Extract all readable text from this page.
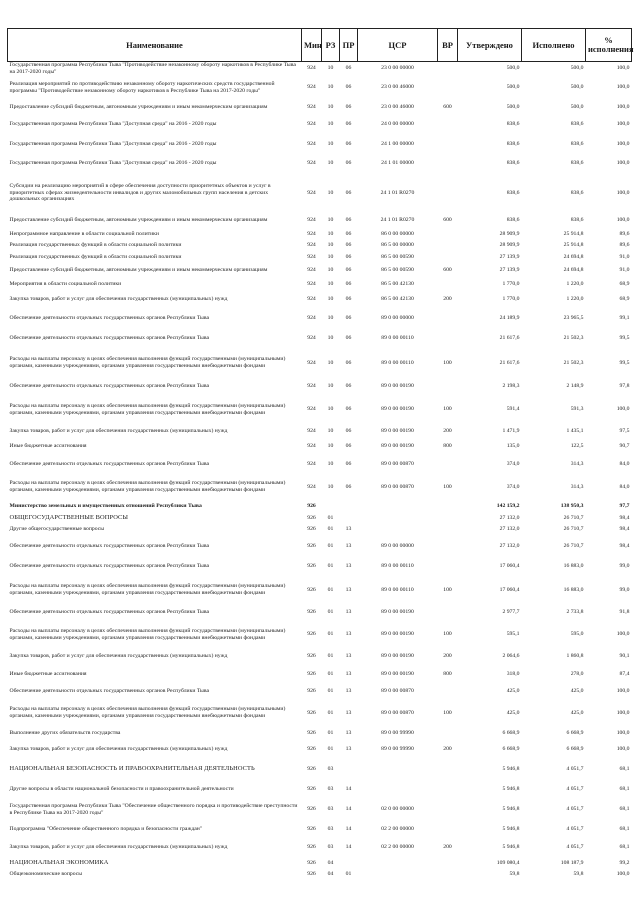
Наименование	Мин	РЗ	ПР	ЦСР	ВР	Утверждено	Исполнено	% исполнения
Государственная программа Республики Тыва "Противодействие незаконному обороту наркотиков в Республике Тыва на 2017-2020 годы"	924	10	06	23 0 00 00000		500,0	500,0	100,0
Реализация мероприятий по противодействию незаконному обороту наркотических средств государственной программы "Противодействие незаконному обороту наркотиков в Республике Тыва на 2017-2020 годы"	924	10	06	23 0 00 46000		500,0	500,0	100,0
Предоставление субсидий бюджетным, автономным учреждениям и иным некоммерческим организациям	924	10	06	23 0 00 46000	600	500,0	500,0	100,0
Государственная программа Республики Тыва "Доступная среда" на 2016 - 2020 годы	924	10	06	24 0 00 00000		838,6	838,6	100,0
Государственная программа Республики Тыва "Доступная среда" на 2016 - 2020 годы	924	10	06	24 1 00 00000		838,6	838,6	100,0
Государственная программа Республики Тыва "Доступная среда" на 2016 - 2020 годы	924	10	06	24 1 01 00000		838,6	838,6	100,0
Субсидии на реализацию мероприятий в сфере обеспечения доступности приоритетных объектов и услуг в приоритетных сферах жизнедеятельности инвалидов и других маломобильных групп населения в детских дошкольных организациях	924	10	06	24 1 01 R0270		838,6	838,6	100,0
Предоставление субсидий бюджетным, автономным учреждениям и иным некоммерческим организациям	924	10	06	24 1 01 R0270	600	838,6	838,6	100,0
Непрограммное направление в области социальной политики	924	10	06	86 0 00 00000		28 909,9	25 914,8	89,6
Реализация государственных функций в области социальной политики	924	10	06	86 5 00 00000		28 909,9	25 914,8	89,6
Реализация государственных функций в области социальной политики	924	10	06	86 5 00 00590		27 139,9	24 694,8	91,0
Предоставление субсидий бюджетным, автономным учреждениям и иным некоммерческим организациям	924	10	06	86 5 00 00590	600	27 139,9	24 694,8	91,0
Мероприятия в области социальной политики	924	10	06	86 5 00 42130		1 770,0	1 220,0	68,9
Закупка товаров, работ и услуг для обеспечения государственных (муниципальных) нужд	924	10	06	86 5 00 42130	200	1 770,0	1 220,0	68,9
Обеспечение деятельности отдельных государственных органов Республики Тыва	924	10	06	89 0 00 00000		24 189,9	23 965,5	99,1
Обеспечение деятельности отдельных государственных органов Республики Тыва	924	10	06	89 0 00 00110		21 617,6	21 502,3	99,5
Расходы на выплаты персоналу в целях обеспечения выполнения функций государственными (муниципальными) органами, казенными учреждениями, органами управления государственными внебюджетными фондами	924	10	06	89 0 00 00110	100	21 617,6	21 502,3	99,5
Обеспечение деятельности отдельных государственных органов Республики Тыва	924	10	06	89 0 00 00190		2 198,3	2 148,9	97,8
Расходы на выплаты персоналу в целях обеспечения выполнения функций государственными (муниципальными) органами, казенными учреждениями, органами управления государственными внебюджетными фондами	924	10	06	89 0 00 00190	100	591,4	591,3	100,0
Закупка товаров, работ и услуг для обеспечения государственных (муниципальных) нужд	924	10	06	89 0 00 00190	200	1 471,9	1 435,1	97,5
Иные бюджетные ассигнования	924	10	06	89 0 00 00190	800	135,0	122,5	90,7
Обеспечение деятельности отдельных государственных органов Республики Тыва	924	10	06	89 0 00 00870		374,0	314,3	84,0
Расходы на выплаты персоналу в целях обеспечения выполнения функций государственными (муниципальными) органами, казенными учреждениями, органами управления государственными внебюджетными фондами	924	10	06	89 0 00 00870	100	374,0	314,3	84,0
Министерство земельных и имущественных отношений Республики Тыва	926					142 159,2	138 950,3	97,7
ОБЩЕГОСУДАРСТВЕННЫЕ ВОПРОСЫ	926	01				27 132,0	26 710,7	98,4
Другие общегосударственные вопросы	926	01	13			27 132,0	26 710,7	98,4
Обеспечение деятельности отдельных государственных органов Республики Тыва	926	01	13	89 0 00 00000		27 132,0	26 710,7	98,4
Обеспечение деятельности отдельных государственных органов Республики Тыва	926	01	13	89 0 00 00110		17 060,4	16 883,0	99,0
Расходы на выплаты персоналу в целях обеспечения выполнения функций государственными (муниципальными) органами, казенными учреждениями, органами управления государственными внебюджетными фондами	926	01	13	89 0 00 00110	100	17 060,4	16 883,0	99,0
Обеспечение деятельности отдельных государственных органов Республики Тыва	926	01	13	89 0 00 00190		2 977,7	2 733,8	91,8
Расходы на выплаты персоналу в целях обеспечения выполнения функций государственными (муниципальными) органами, казенными учреждениями, органами управления государственными внебюджетными фондами	926	01	13	89 0 00 00190	100	595,1	595,0	100,0
Закупка товаров, работ и услуг для обеспечения государственных (муниципальных) нужд	926	01	13	89 0 00 00190	200	2 064,6	1 860,8	90,1
Иные бюджетные ассигнования	926	01	13	89 0 00 00190	800	318,0	278,0	87,4
Обеспечение деятельности отдельных государственных органов Республики Тыва	926	01	13	89 0 00 00870		425,0	425,0	100,0
Расходы на выплаты персоналу в целях обеспечения выполнения функций государственными (муниципальными) органами, казенными учреждениями, органами управления государственными внебюджетными фондами	926	01	13	89 0 00 00870	100	425,0	425,0	100,0
Выполнение других обязательств государства	926	01	13	89 0 00 99990		6 668,9	6 668,9	100,0
Закупка товаров, работ и услуг для обеспечения государственных (муниципальных) нужд	926	01	13	89 0 00 99990	200	6 668,9	6 668,9	100,0
НАЦИОНАЛЬНАЯ БЕЗОПАСНОСТЬ И ПРАВООХРАНИТЕЛЬНАЯ ДЕЯТЕЛЬНОСТЬ	926	03				5 946,8	4 051,7	68,1
Другие вопросы в области национальной безопасности и правоохранительной деятельности	926	03	14			5 946,8	4 051,7	68,1
Государственная программа Республики Тыва "Обеспечение общественного порядка и противодействие преступности в Республике Тыва на 2017-2020 годы"	926	03	14	02 0 00 00000		5 946,8	4 051,7	68,1
Подпрограмма "Обеспечение общественного порядка и безопасности граждан"	926	03	14	02 2 00 00000		5 946,8	4 051,7	68,1
Закупка товаров, работ и услуг для обеспечения государственных (муниципальных) нужд	926	03	14	02 2 00 00000	200	5 946,8	4 051,7	68,1
НАЦИОНАЛЬНАЯ ЭКОНОМИКА	926	04				109 080,4	108 187,9	99,2
Общеэкономические вопросы	926	04	01			59,8	59,8	100,0
